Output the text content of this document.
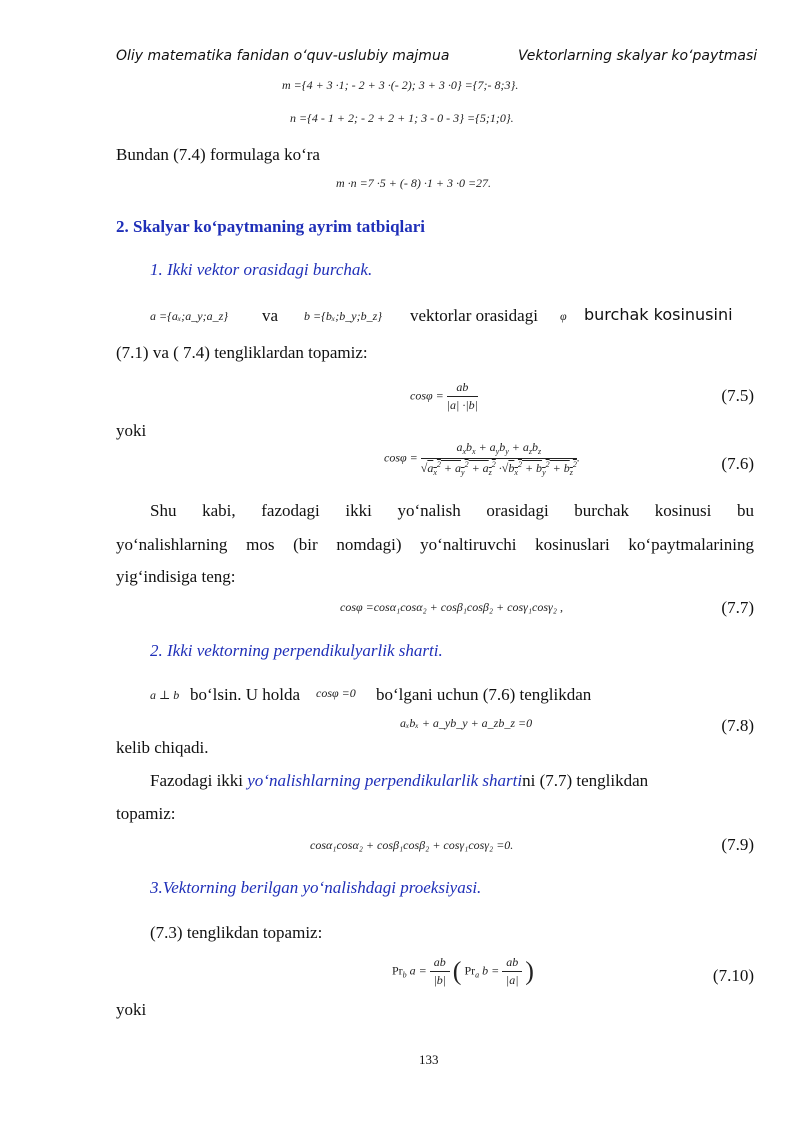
Oliy matematika fanidan o‘quv-uslubiy majmua	Vektorlarning skalyar ko‘paytmasi
m ={4 + 3 ·1; - 2 + 3 ·(- 2); 3 + 3 ·0} ={7;- 8;3}.
n ={4 - 1 + 2; - 2 + 2 + 1; 3 - 0 - 3} ={5;1;0}.
Bundan (7.4) formulaga ko‘ra
m ·n =7 ·5 + (- 8) ·1 + 3 ·0 =27.
2. Skalyar ko‘paytmaning ayrim tatbiqlari
1. Ikki vektor orasidagi burchak.
a ={aₓ;a_y;a_z} va b ={bₓ;b_y;b_z} vektorlar orasidagi φ burchak kosinusini
(7.1) va ( 7.4) tengliklardan topamiz:
$\cos\varphi = \frac{ab}{|a| \cdot|b|}$	(7.5)
yoki
$\cos\varphi = \frac{a_xb_x + a_yb_y + a_zb_z}{√a_x^2 + a_y^2 + a_z^2 \cdot√b_x^2 + b_y^2 + b_z^2}$ .	(7.6)
Shu kabi, fazodagi ikki yo‘nalish orasidagi burchak kosinusi bu
yo‘nalishlarning mos (bir nomdagi) yo‘naltiruvchi kosinuslari ko‘paytmalarining
yig‘indisiga teng:
cosφ =cosα₁cosα₂ + cosβ₁cosβ₂ + cosγ₁cosγ₂ ,	(7.7)
2. Ikki vektorning perpendikulyarlik sharti.
a ⊥ b bo‘lsin. U holda cosφ =0 bo‘lgani uchun (7.6) tenglikdan
aₓbₓ + a_yb_y + a_zb_z =0	(7.8)
kelib chiqadi.
Fazodagi ikki yo‘nalishlarning perpendikularlik shartini (7.7) tenglikdan
topamiz:
cosα₁cosα₂ + cosβ₁cosβ₂ + cosγ₁cosγ₂ =0.	(7.9)
3.Vektorning berilgan yo‘nalishdagi proeksiyasi.
(7.3) tenglikdan topamiz:
$Pr_b$ $a = \frac{ab}{|b|}$ ( $Pr_a$ $b = \frac{ab}{|a|}$ )	(7.10)
yoki
133
